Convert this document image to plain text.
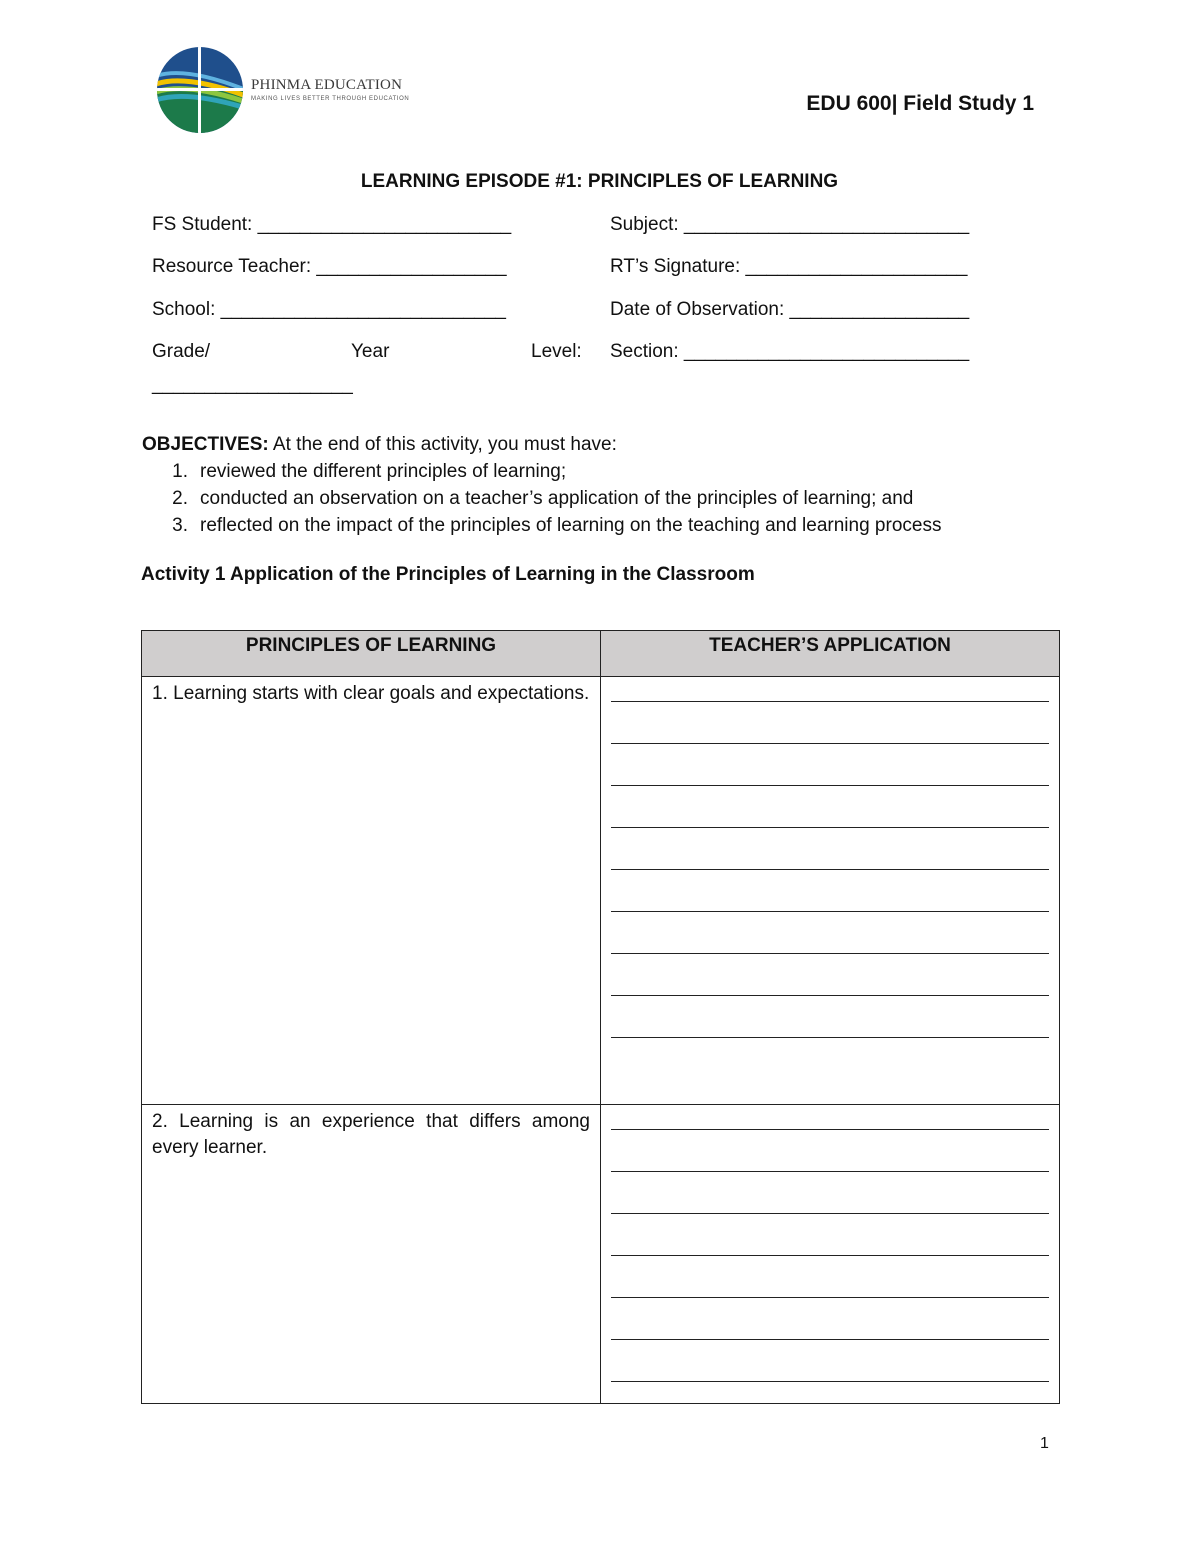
PHINMA EDUCATION
MAKING LIVES BETTER THROUGH EDUCATION	EDU 600| Field Study 1
LEARNING EPISODE #1: PRINCIPLES OF LEARNING
FS Student: ________________________	Subject: ___________________________
Resource Teacher: __________________	RT’s Signature: _____________________
School: ___________________________	Date of Observation: _________________
Grade/	Year	Level: Section: ___________________________
___________________
OBJECTIVES: At the end of this activity, you must have:
1. reviewed the different principles of learning;
2. conducted an observation on a teacher’s application of the principles of learning; and
3. reflected on the impact of the principles of learning on the teaching and learning process
Activity 1 Application of the Principles of Learning in the Classroom
PRINCIPLES OF LEARNING	TEACHER’S APPLICATION
1. Learning starts with clear goals and expectations.	

2. Learning is an experience that differs among every learner.	
1
